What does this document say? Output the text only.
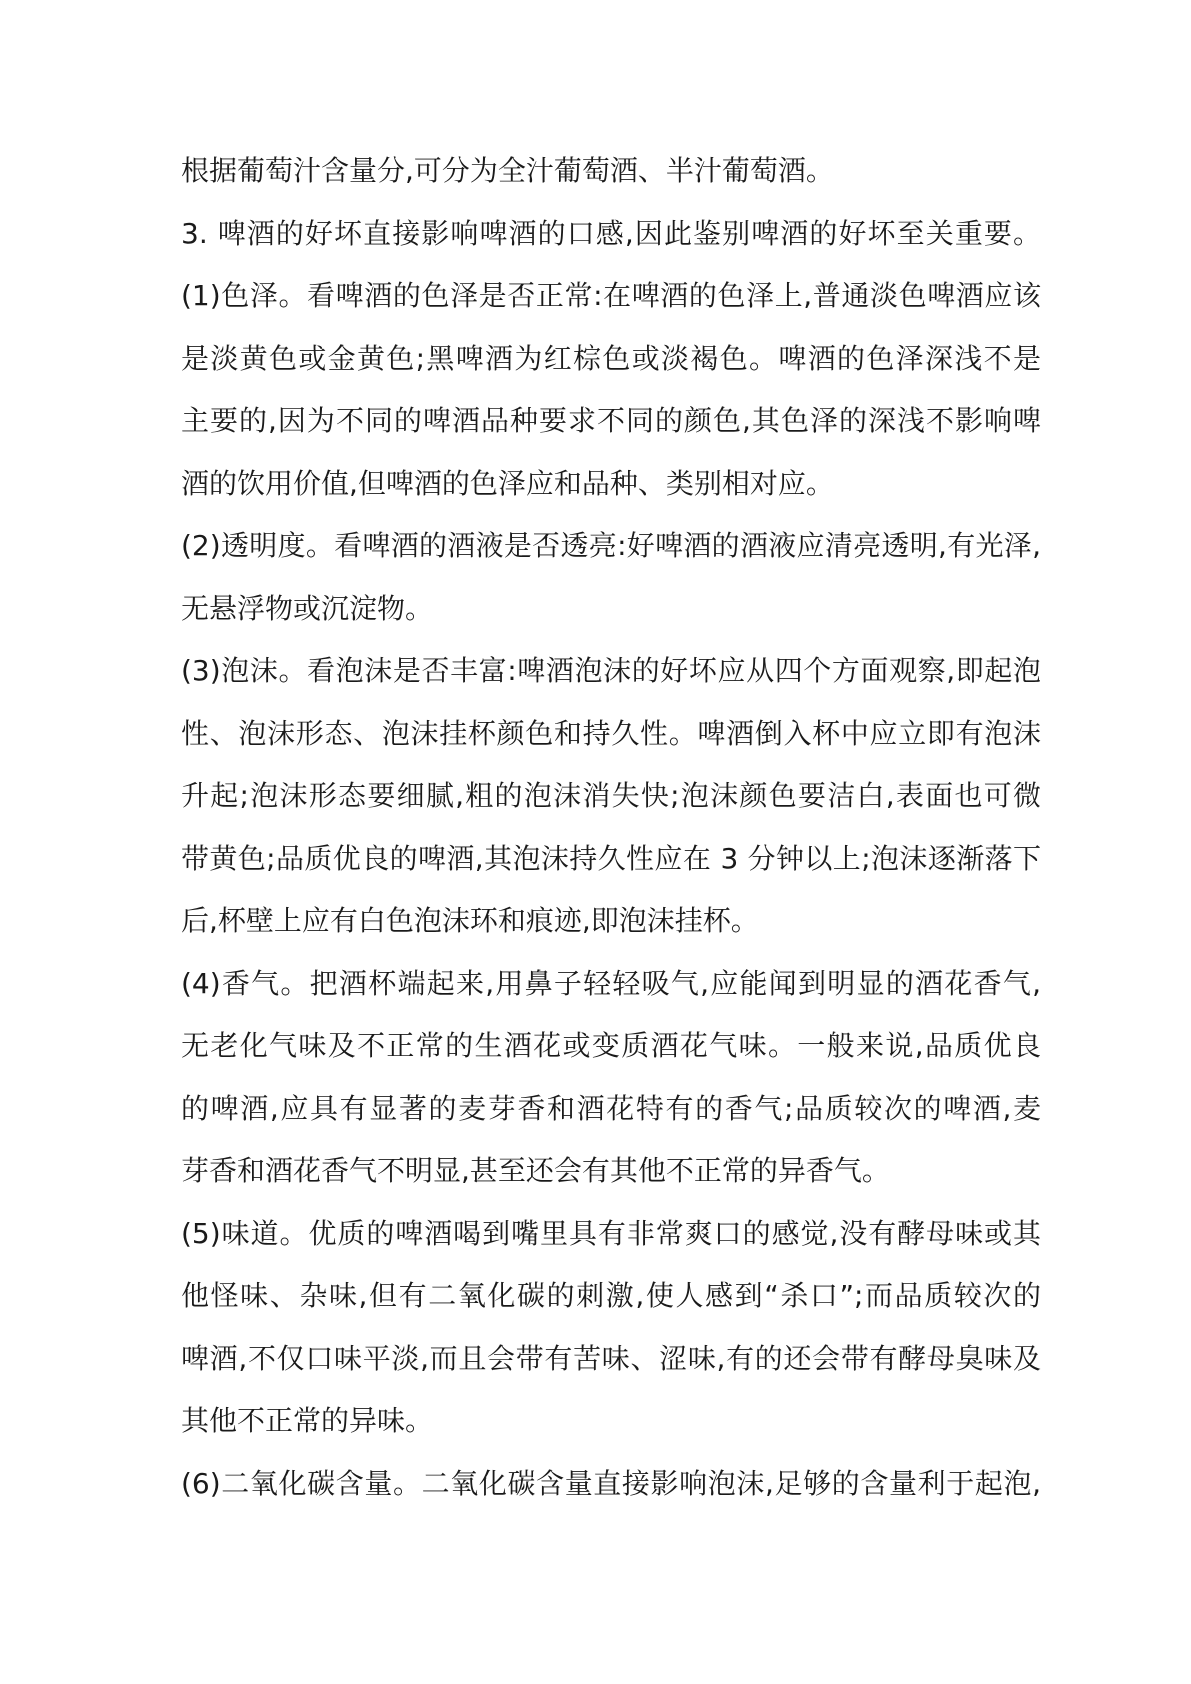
根据葡萄汁含量分,可分为全汁葡萄酒、半汁葡萄酒。
3. 啤酒的好坏直接影响啤酒的口感,因此鉴别啤酒的好坏至关重要。
(1)色泽。看啤酒的色泽是否正常:在啤酒的色泽上,普通淡色啤酒应该
是淡黄色或金黄色;黑啤酒为红棕色或淡褐色。啤酒的色泽深浅不是
主要的,因为不同的啤酒品种要求不同的颜色,其色泽的深浅不影响啤
酒的饮用价值,但啤酒的色泽应和品种、类别相对应。
(2)透明度。看啤酒的酒液是否透亮:好啤酒的酒液应清亮透明,有光泽,
无悬浮物或沉淀物。
(3)泡沫。看泡沫是否丰富:啤酒泡沫的好坏应从四个方面观察,即起泡
性、泡沫形态、泡沫挂杯颜色和持久性。啤酒倒入杯中应立即有泡沫
升起;泡沫形态要细腻,粗的泡沫消失快;泡沫颜色要洁白,表面也可微
带黄色;品质优良的啤酒,其泡沫持久性应在 3 分钟以上;泡沫逐渐落下
后,杯壁上应有白色泡沫环和痕迹,即泡沫挂杯。
(4)香气。把酒杯端起来,用鼻子轻轻吸气,应能闻到明显的酒花香气,
无老化气味及不正常的生酒花或变质酒花气味。一般来说,品质优良
的啤酒,应具有显著的麦芽香和酒花特有的香气;品质较次的啤酒,麦
芽香和酒花香气不明显,甚至还会有其他不正常的异香气。
(5)味道。优质的啤酒喝到嘴里具有非常爽口的感觉,没有酵母味或其
他怪味、杂味,但有二氧化碳的刺激,使人感到“杀口”;而品质较次的
啤酒,不仅口味平淡,而且会带有苦味、涩味,有的还会带有酵母臭味及
其他不正常的异味。
(6)二氧化碳含量。二氧化碳含量直接影响泡沫,足够的含量利于起泡,
